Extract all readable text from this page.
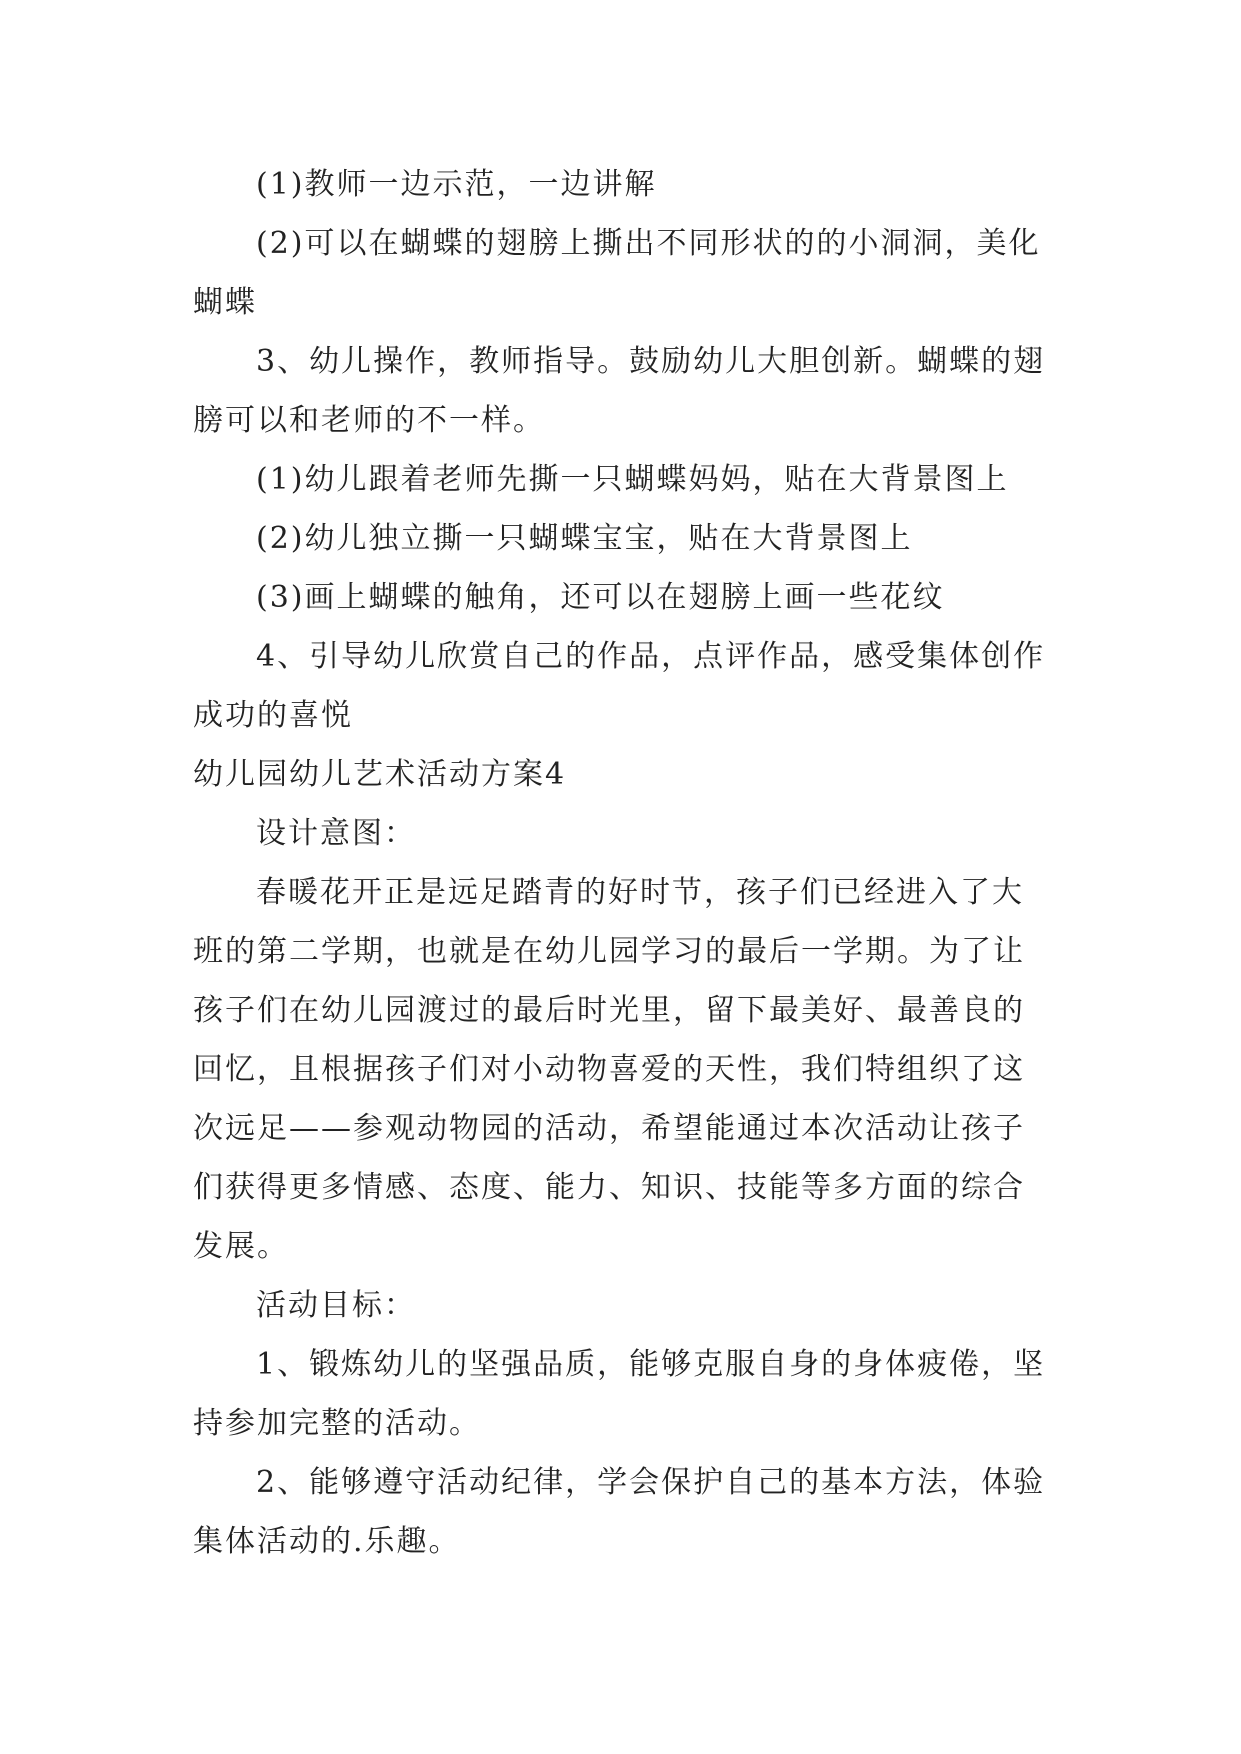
(1)教师一边示范，一边讲解

(2)可以在蝴蝶的翅膀上撕出不同形状的的小洞洞，美化蝴蝶

3、幼儿操作，教师指导。鼓励幼儿大胆创新。蝴蝶的翅膀可以和老师的不一样。

(1)幼儿跟着老师先撕一只蝴蝶妈妈，贴在大背景图上

(2)幼儿独立撕一只蝴蝶宝宝，贴在大背景图上

(3)画上蝴蝶的触角，还可以在翅膀上画一些花纹

4、引导幼儿欣赏自己的作品，点评作品，感受集体创作成功的喜悦

幼儿园幼儿艺术活动方案4

设计意图：

春暖花开正是远足踏青的好时节，孩子们已经进入了大班的第二学期，也就是在幼儿园学习的最后一学期。为了让孩子们在幼儿园渡过的最后时光里，留下最美好、最善良的回忆，且根据孩子们对小动物喜爱的天性，我们特组织了这次远足——参观动物园的活动，希望能通过本次活动让孩子们获得更多情感、态度、能力、知识、技能等多方面的综合发展。

活动目标：

1、锻炼幼儿的坚强品质，能够克服自身的身体疲倦，坚持参加完整的活动。

2、能够遵守活动纪律，学会保护自己的基本方法，体验集体活动的.乐趣。
